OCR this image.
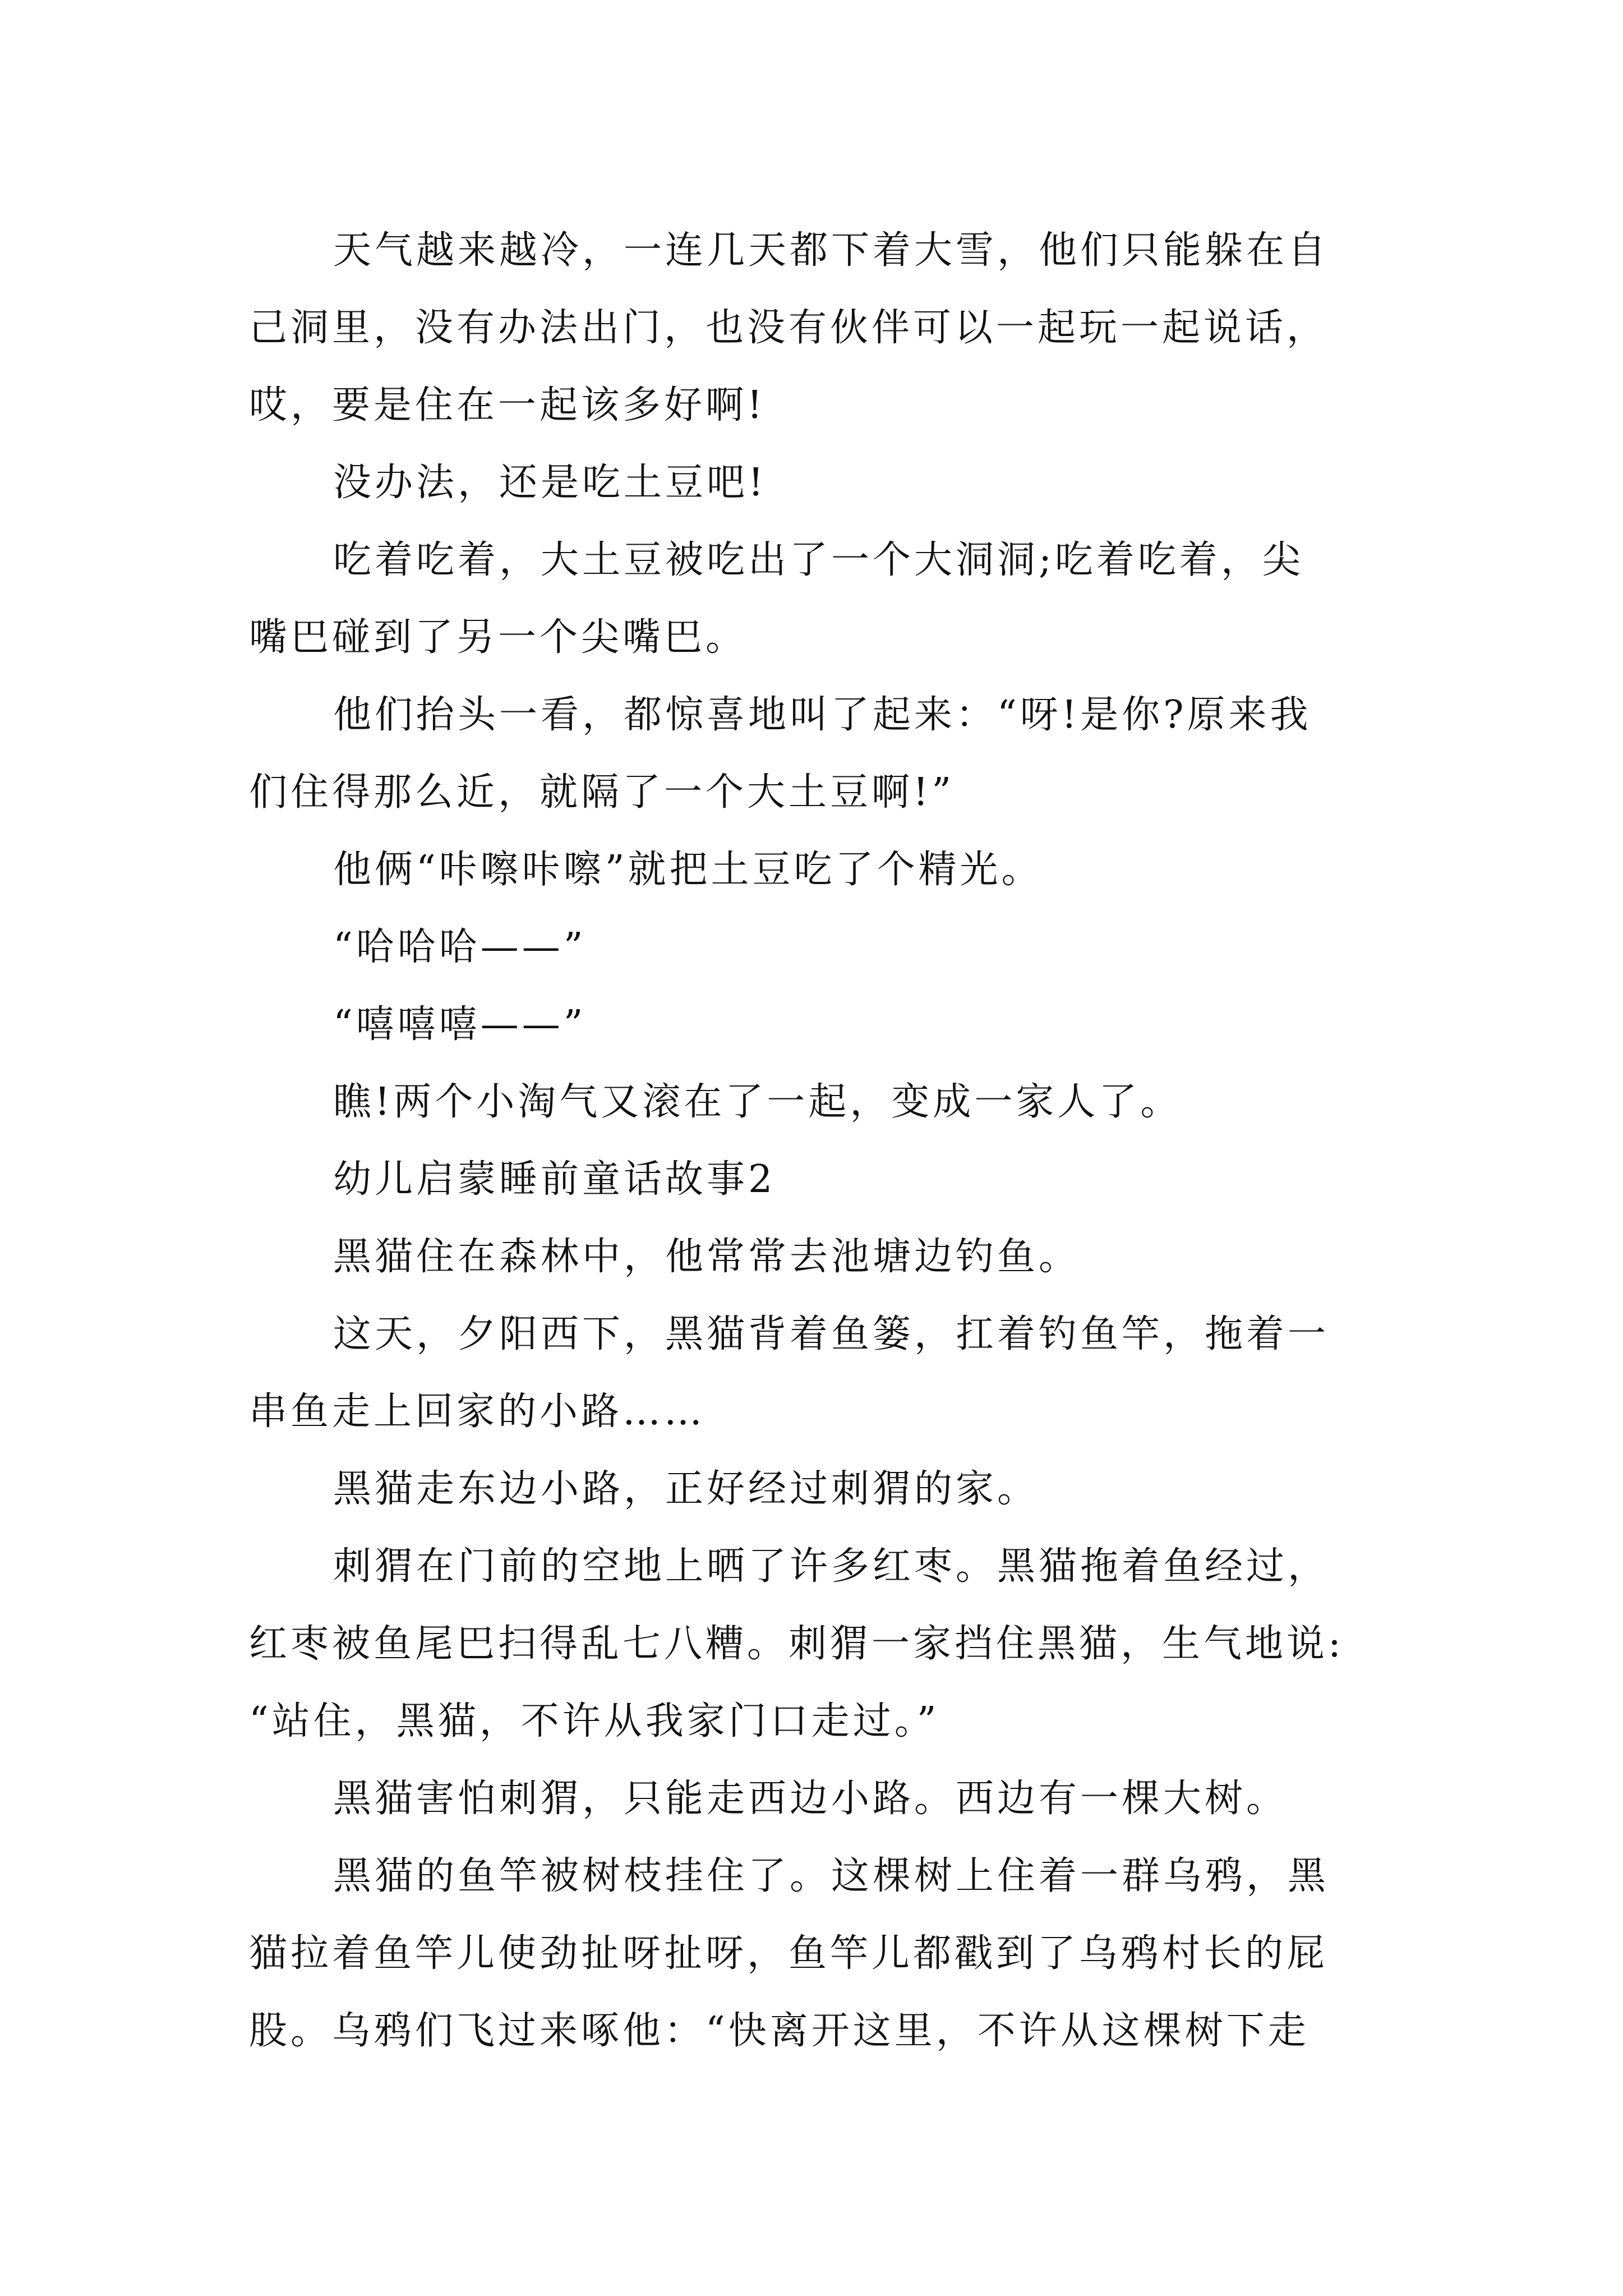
天气越来越冷，一连几天都下着大雪，他们只能躲在自
己洞里，没有办法出门，也没有伙伴可以一起玩一起说话，
哎，要是住在一起该多好啊!
没办法，还是吃土豆吧!
吃着吃着，大土豆被吃出了一个大洞洞;吃着吃着，尖
嘴巴碰到了另一个尖嘴巴。
他们抬头一看，都惊喜地叫了起来：“呀!是你?原来我
们住得那么近，就隔了一个大土豆啊!”
他俩“咔嚓咔嚓”就把土豆吃了个精光。
“哈哈哈——”
“嘻嘻嘻——”
瞧!两个小淘气又滚在了一起，变成一家人了。
幼儿启蒙睡前童话故事2
黑猫住在森林中，他常常去池塘边钓鱼。
这天，夕阳西下，黑猫背着鱼篓，扛着钓鱼竿，拖着一
串鱼走上回家的小路……
黑猫走东边小路，正好经过刺猬的家。
刺猬在门前的空地上晒了许多红枣。黑猫拖着鱼经过，
红枣被鱼尾巴扫得乱七八糟。刺猬一家挡住黑猫，生气地说:
“站住，黑猫，不许从我家门口走过。”
黑猫害怕刺猬，只能走西边小路。西边有一棵大树。
黑猫的鱼竿被树枝挂住了。这棵树上住着一群乌鸦，黑
猫拉着鱼竿儿使劲扯呀扯呀，鱼竿儿都戳到了乌鸦村长的屁
股。乌鸦们飞过来啄他：“快离开这里，不许从这棵树下走
